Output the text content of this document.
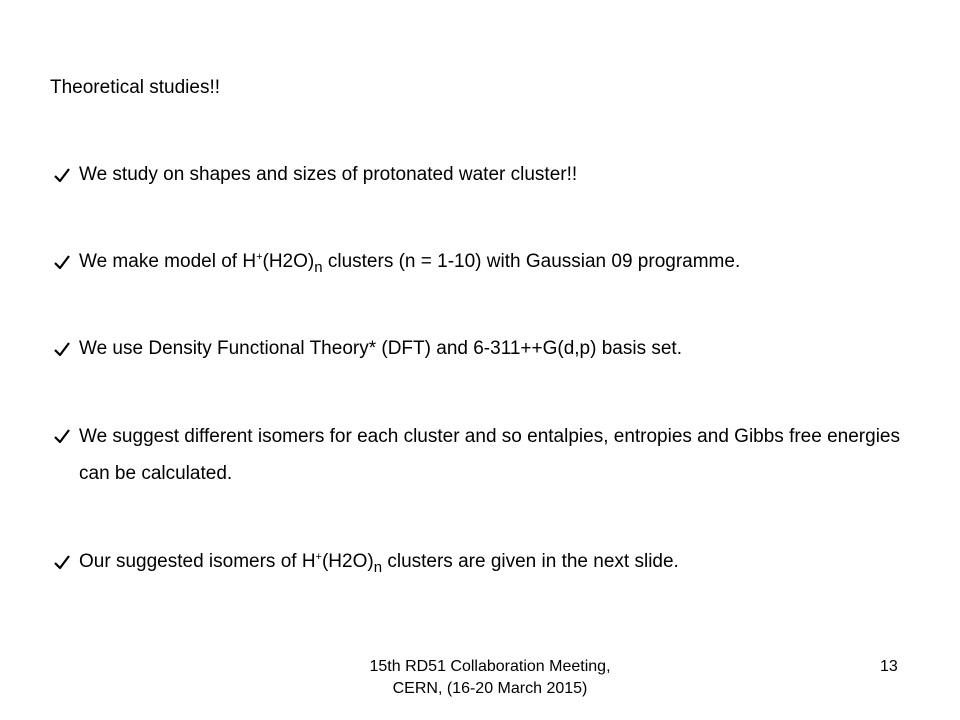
Theoretical studies!!
We study on shapes and sizes of protonated water cluster!!
We make model of $H^+(H2O)_n$ clusters (n = 1-10) with Gaussian 09 programme.
We use Density Functional Theory* (DFT) and 6-311++G(d,p) basis set.
We suggest different isomers for each cluster and so entalpies, entropies and Gibbs free energies can be calculated.
Our suggested isomers of $H^+(H2O)_n$ clusters are given in the next slide.
15th RD51 Collaboration Meeting,
CERN, (16-20 March 2015)
13
